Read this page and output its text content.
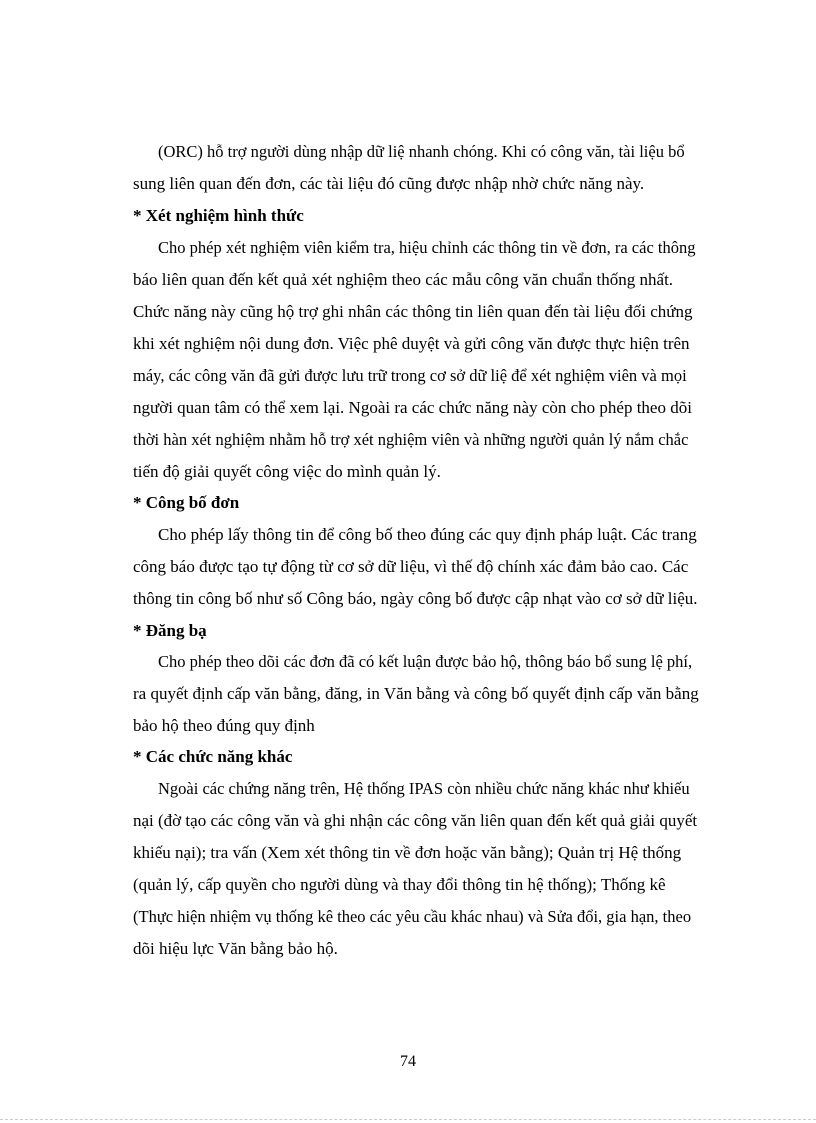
(ORC) hỗ trợ người dùng nhập dữ liệ nhanh chóng. Khi có công văn, tài liệu bổ
sung liên quan đến đơn, các tài liệu đó cũng được nhập nhờ chức năng này.
* Xét nghiệm hình thức
Cho phép xét nghiệm viên kiểm tra, hiệu chỉnh các thông tin về đơn, ra các thông
báo liên quan đến kết quả xét nghiệm theo các mẫu công văn chuẩn thống nhất.
Chức năng này cũng hộ trợ ghi nhân các thông tin liên quan đến tài liệu đối chứng
khi xét nghiệm nội dung đơn. Việc phê duyệt và gửi công văn được thực hiện trên
máy, các công văn đã gửi được lưu trữ trong cơ sở dữ liệ để xét nghiệm viên và mọi
người quan tâm có thể xem lại. Ngoài ra các chức năng này còn cho phép theo dõi
thời hàn xét nghiệm nhằm hỗ trợ xét nghiệm viên và những người quản lý nắm chắc
tiến độ giải quyết công việc do mình quản lý.
* Công bố đơn
Cho phép lấy thông tin để công bố theo đúng các quy định pháp luật. Các trang
công báo được tạo tự động từ cơ sở dữ liệu, vì thế độ chính xác đảm bảo cao. Các
thông tin công bố như số Công báo, ngày công bố được cập nhạt vào cơ sở dữ liệu.
* Đăng bạ
Cho phép theo dõi các đơn đã có kết luận được bảo hộ, thông báo bổ sung lệ phí,
ra quyết định cấp văn bằng, đăng, in Văn bằng và công bố quyết định cấp văn bằng
bảo hộ theo đúng quy định
* Các chức năng khác
Ngoài các chứng năng trên, Hệ thống IPAS còn nhiều chức năng khác như khiếu
nại (đờ tạo các công văn và ghi nhận các công văn liên quan đến kết quả giải quyết
khiếu nại); tra vấn (Xem xét thông tin về đơn hoặc văn bằng); Quản trị Hệ thống
(quản lý, cấp quyền cho người dùng và thay đổi thông tin hệ thống); Thống kê
(Thực hiện nhiệm vụ thống kê theo các yêu cầu khác nhau) và Sửa đổi, gia hạn, theo
dõi hiệu lực Văn bằng bảo hộ.
74
